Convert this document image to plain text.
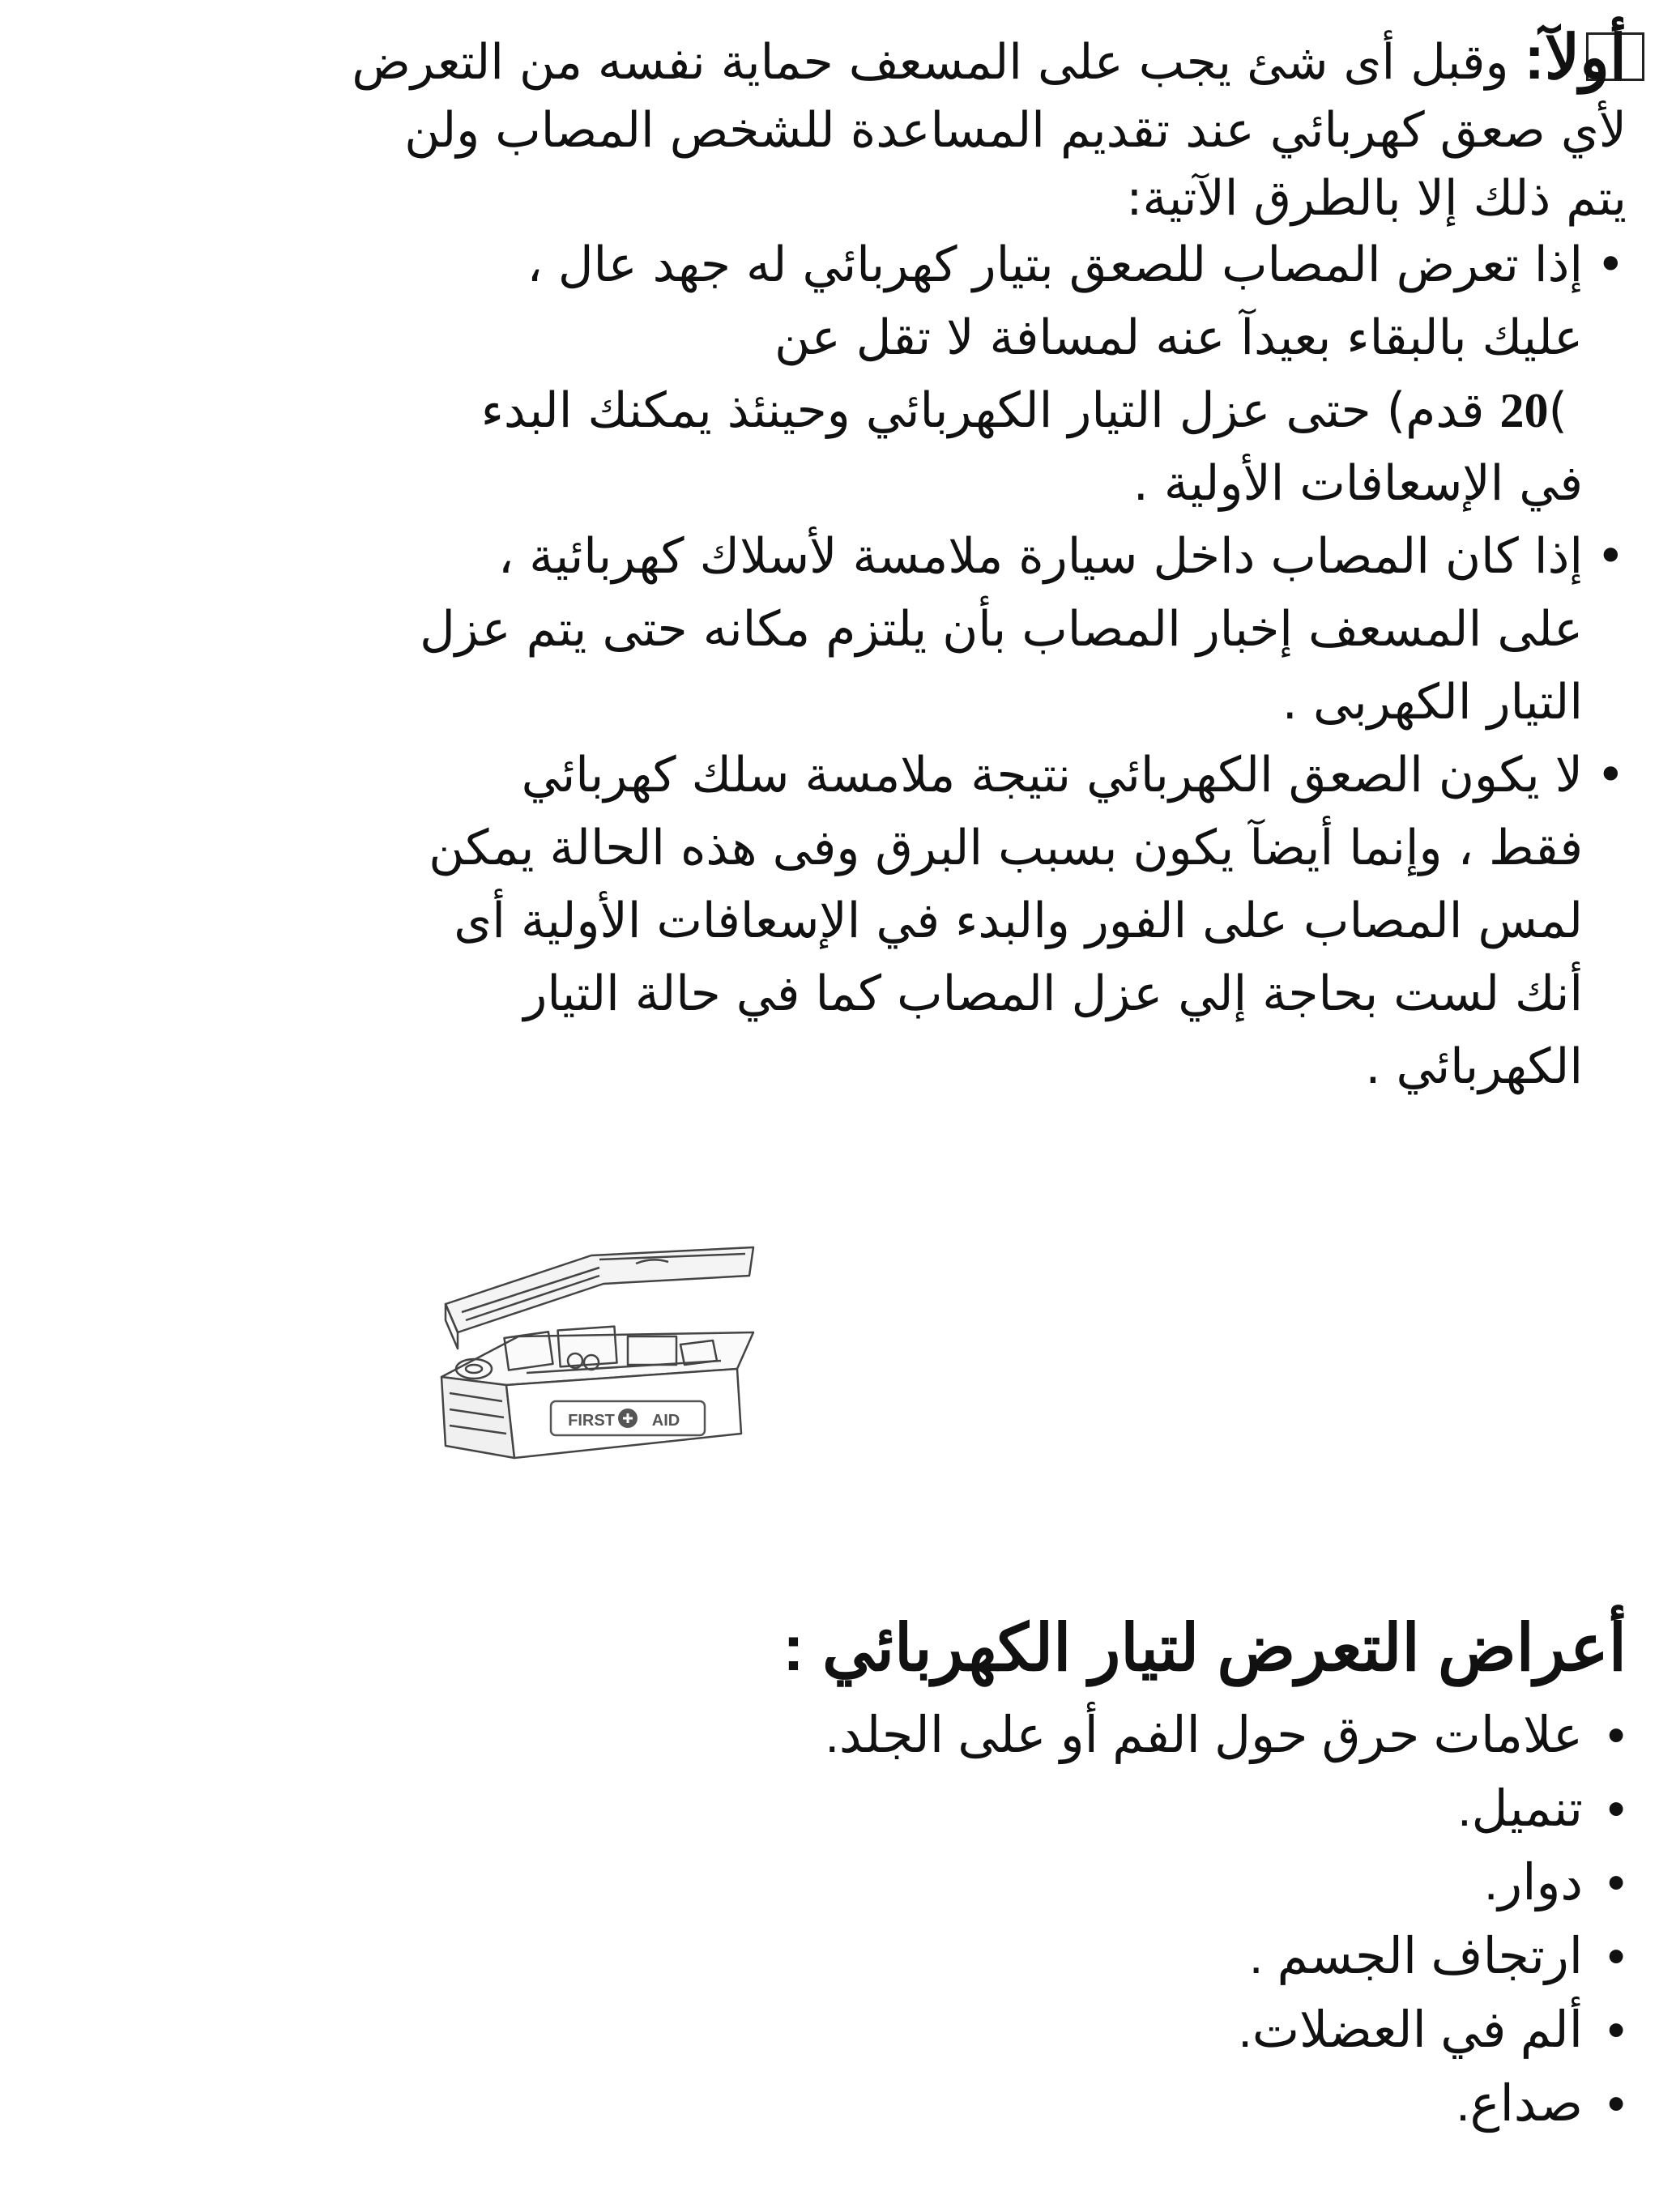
أولآ: وقبل أى شئ يجب على المسعف حماية نفسه من التعرض

لأي صعق كهربائي عند تقديم المساعدة للشخص المصاب ولن

يتم ذلك إلا بالطرق الآتية:

• إذا تعرض المصاب للصعق بتيار كهربائي له جهد عال ،
عليك بالبقاء بعيدآ عنه لمسافة لا تقل عن
( 20 قدم) حتى عزل التيار الكهربائي وحينئذ يمكنك البدء
في الإسعافات الأولية .
• إذا كان المصاب داخل سيارة ملامسة لأسلاك كهربائية ،
على المسعف إخبار المصاب بأن يلتزم مكانه حتى يتم عزل
التيار الكهربى .
• لا يكون الصعق الكهربائي نتيجة ملامسة سلك كهربائي
فقط ، وإنما أيضآ يكون بسبب البرق وفى هذه الحالة يمكن
لمس المصاب على الفور والبدء في الإسعافات الأولية أى
أنك لست بحاجة إلي عزل المصاب كما في حالة التيار
الكهربائي .
FIRST AID
أعراض التعرض لتيار الكهربائي :
• علامات حرق حول الفم أو على الجلد.
• تنميل.
• دوار.
• ارتجاف الجسم .
• ألم في العضلات.
• صداع.
